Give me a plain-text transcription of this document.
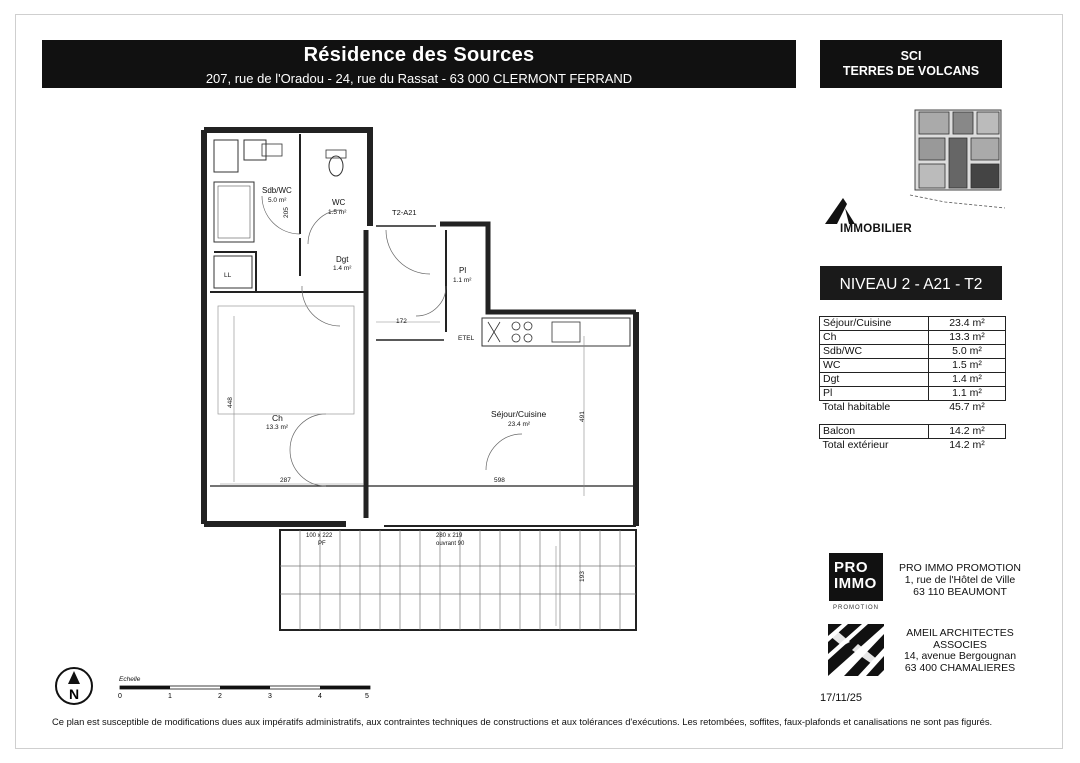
Résidence des Sources
207, rue de l'Oradou - 24, rue du Rassat - 63 000 CLERMONT FERRAND
SCI
TERRES DE VOLCANS
IMMOBILIER
NIVEAU 2 - A21 - T2
Séjour/Cuisine	23.4 m²
Ch	13.3 m²
Sdb/WC	5.0 m²
WC	1.5 m²
Dgt	1.4 m²
Pl	1.1 m²
Total habitable	45.7 m²

Balcon	14.2 m²
Total extérieur	14.2 m²
PRO
IMMO
PROMOTION
PRO IMMO PROMOTION
1, rue de l'Hôtel de Ville
63 110 BEAUMONT
AMEIL ARCHITECTES
ASSOCIES
14, avenue Bergougnan
63 400 CHAMALIERES
17/11/25
N
Echelle
0	1	2	3	4	5
T2-A21
Sdb/WC
5.0 m²	WC
1.5 m²
Dgt
1.4 m²	Pl
1.1 m²
Ch
13.3 m²
Séjour/Cuisine
23.4 m²
205
172
448
491
287	598
193
ETEL
100 x 222
PF
280 x 219
ouvrant 90
LL
Ce plan est susceptible de modifications dues aux impératifs administratifs, aux contraintes techniques de constructions et aux tolérances d'exécutions. Les retombées, soffites, faux-plafonds et canalisations ne sont pas figurés.
